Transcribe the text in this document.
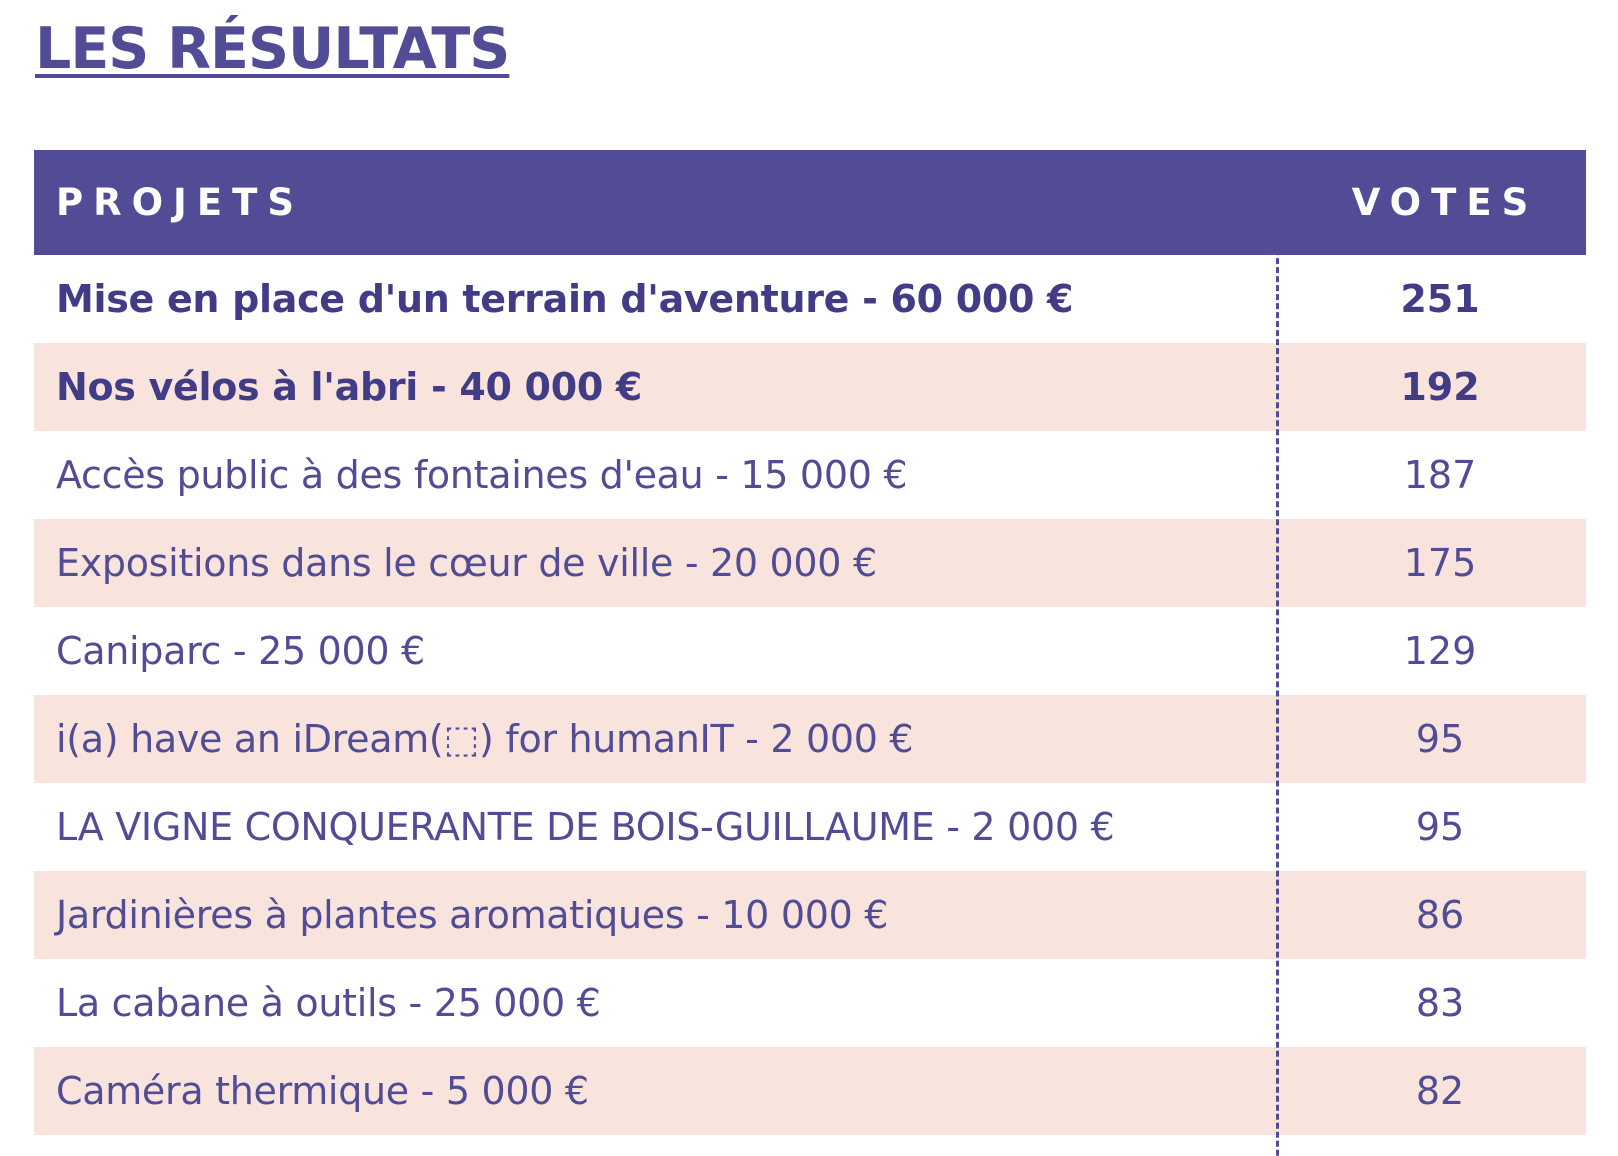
LES RÉSULTATS
PROJETS	VOTES
Mise en place d'un terrain d'aventure - 60 000 €	251
Nos vélos à l'abri - 40 000 €	192
Accès public à des fontaines d'eau - 15 000 €	187
Expositions dans le cœur de ville - 20 000 €	175
Caniparc - 25 000 €	129
i(a) have an iDream(⬚) for humanIT - 2 000 €	95
LA VIGNE CONQUERANTE DE BOIS-GUILLAUME - 2 000 €	95
Jardinières à plantes aromatiques - 10 000 €	86
La cabane à outils - 25 000 €	83
Caméra thermique - 5 000 €	82
